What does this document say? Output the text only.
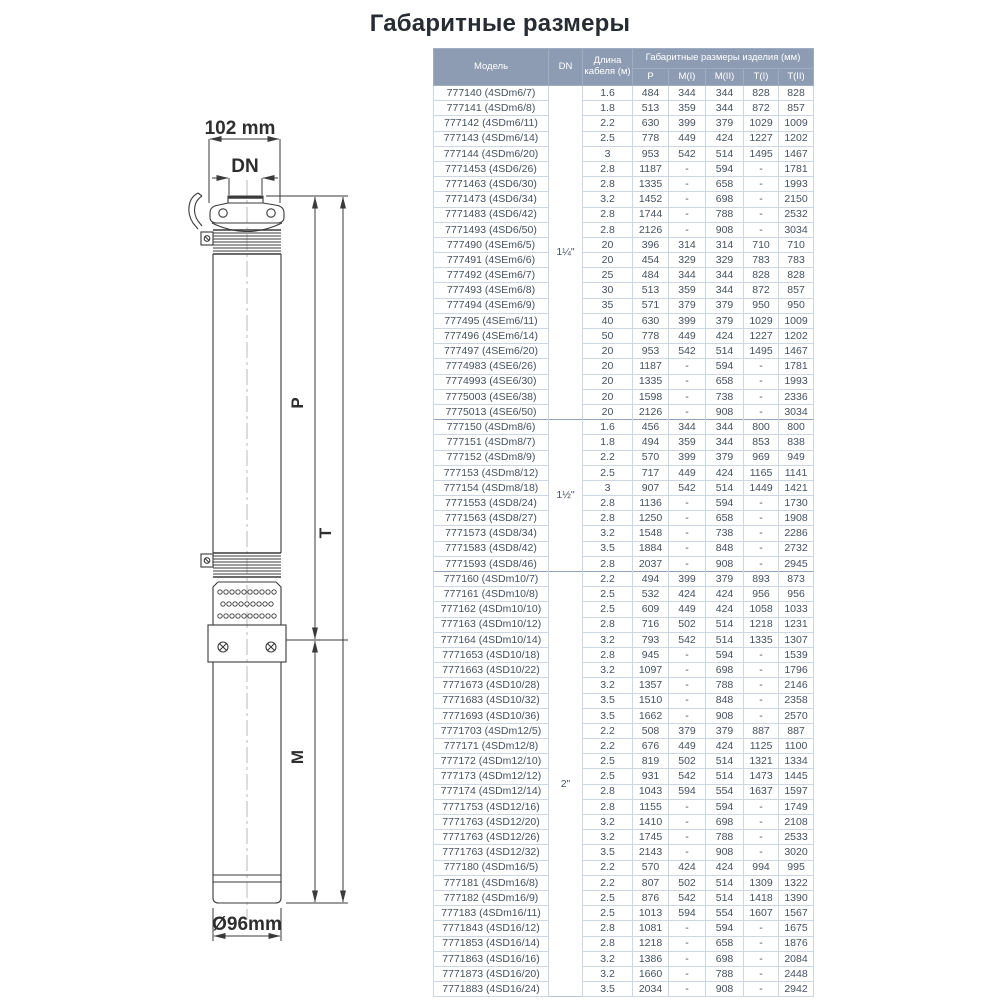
Габаритные размеры
102 mm
DN
P
T
M
Ø96mm
Модель	DN	Длина кабеля (м)	Габаритные размеры изделия (мм)				
			P	M(I)	M(II)	T(I)	T(II)
777140 (4SDm6/7)	1¼"	1.6	484	344	344	828	828
777141 (4SDm6/8)		1.8	513	359	344	872	857
777142 (4SDm6/11)		2.2	630	399	379	1029	1009
777143 (4SDm6/14)		2.5	778	449	424	1227	1202
777144 (4SDm6/20)		3	953	542	514	1495	1467
7771453 (4SD6/26)		2.8	1187	-	594	-	1781
7771463 (4SD6/30)		2.8	1335	-	658	-	1993
7771473 (4SD6/34)		3.2	1452	-	698	-	2150
7771483 (4SD6/42)		2.8	1744	-	788	-	2532
7771493 (4SD6/50)		2.8	2126	-	908	-	3034
777490 (4SEm6/5)		20	396	314	314	710	710
777491 (4SEm6/6)		20	454	329	329	783	783
777492 (4SEm6/7)		25	484	344	344	828	828
777493 (4SEm6/8)		30	513	359	344	872	857
777494 (4SEm6/9)		35	571	379	379	950	950
777495 (4SEm6/11)		40	630	399	379	1029	1009
777496 (4SEm6/14)		50	778	449	424	1227	1202
777497 (4SEm6/20)		20	953	542	514	1495	1467
7774983 (4SE6/26)		20	1187	-	594	-	1781
7774993 (4SE6/30)		20	1335	-	658	-	1993
7775003 (4SE6/38)		20	1598	-	738	-	2336
7775013 (4SE6/50)		20	2126	-	908	-	3034
777150 (4SDm8/6)	1½"	1.6	456	344	344	800	800
777151 (4SDm8/7)		1.8	494	359	344	853	838
777152 (4SDm8/9)		2.2	570	399	379	969	949
777153 (4SDm8/12)		2.5	717	449	424	1165	1141
777154 (4SDm8/18)		3	907	542	514	1449	1421
7771553 (4SD8/24)		2.8	1136	-	594	-	1730
7771563 (4SD8/27)		2.8	1250	-	658	-	1908
7771573 (4SD8/34)		3.2	1548	-	738	-	2286
7771583 (4SD8/42)		3.5	1884	-	848	-	2732
7771593 (4SD8/46)		2.8	2037	-	908	-	2945
777160 (4SDm10/7)	2"	2.2	494	399	379	893	873
777161 (4SDm10/8)		2.5	532	424	424	956	956
777162 (4SDm10/10)		2.5	609	449	424	1058	1033
777163 (4SDm10/12)		2.8	716	502	514	1218	1231
777164 (4SDm10/14)		3.2	793	542	514	1335	1307
7771653 (4SD10/18)		2.8	945	-	594	-	1539
7771663 (4SD10/22)		3.2	1097	-	698	-	1796
7771673 (4SD10/28)		3.2	1357	-	788	-	2146
7771683 (4SD10/32)		3.5	1510	-	848	-	2358
7771693 (4SD10/36)		3.5	1662	-	908	-	2570
7771703 (4SDm12/5)		2.2	508	379	379	887	887
777171 (4SDm12/8)		2.2	676	449	424	1125	1100
777172 (4SDm12/10)		2.5	819	502	514	1321	1334
777173 (4SDm12/12)		2.5	931	542	514	1473	1445
777174 (4SDm12/14)		2.8	1043	594	554	1637	1597
7771753 (4SD12/16)		2.8	1155	-	594	-	1749
7771763 (4SD12/20)		3.2	1410	-	698	-	2108
7771763 (4SD12/26)		3.2	1745	-	788	-	2533
7771763 (4SD12/32)		3.5	2143	-	908	-	3020
777180 (4SDm16/5)		2.2	570	424	424	994	995
777181 (4SDm16/8)		2.2	807	502	514	1309	1322
777182 (4SDm16/9)		2.5	876	542	514	1418	1390
777183 (4SDm16/11)		2.5	1013	594	554	1607	1567
7771843 (4SD16/12)		2.8	1081	-	594	-	1675
7771853 (4SD16/14)		2.8	1218	-	658	-	1876
7771863 (4SD16/16)		3.2	1386	-	698	-	2084
7771873 (4SD16/20)		3.2	1660	-	788	-	2448
7771883 (4SD16/24)		3.5	2034	-	908	-	2942
